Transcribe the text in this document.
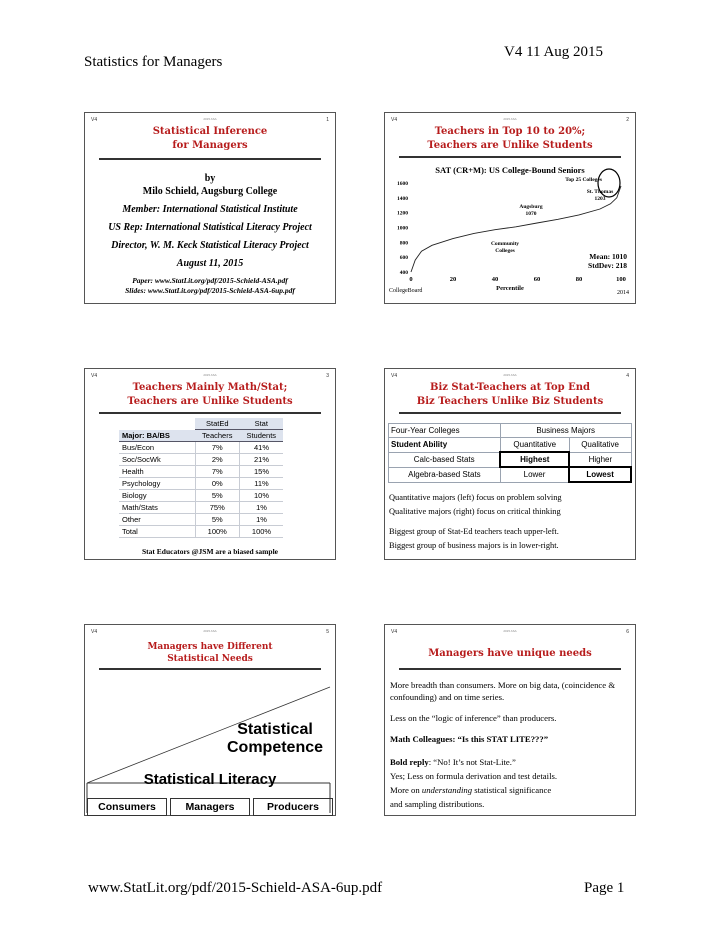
Statistics for Managers
V4 11 Aug 2015
V4	2015 ASA	1
Statistical Inference
for Managers
by
Milo Schield, Augsburg College
Member: International Statistical Institute
US Rep: International Statistical Literacy Project
Director, W. M. Keck Statistical Literacy Project
August 11, 2015
Paper: www.StatLit.org/pdf/2015-Schield-ASA.pdf
Slides: www.StatLit.org/pdf/2015-Schield-ASA-6up.pdf
V4	2015 ASA	2
Teachers in Top 10 to 20%;
Teachers are Unlike Students
SAT (CR+M): US College-Bound Seniors
400
600
800
1000
1200
1400
1600
0	20	40	60	80	100
Top 25 Colleges
St. Thomas
1203
Augsburg
1070
Community
Colleges
Mean: 1010
StdDev: 218
Percentile
CollegeBoard	2014
V4	2015 ASA	3
Teachers Mainly Math/Stat;
Teachers are Unlike Students
	StatEd	Stat
Major: BA/BS	Teachers	Students
Bus/Econ	7%	41%
Soc/SocWk	2%	21%
Health	7%	15%
Psychology	0%	11%
Biology	5%	10%
Math/Stats	75%	1%
Other	5%	1%
Total	100%	100%
Stat Educators @JSM are a biased sample
V4	2015 ASA	4
Biz Stat-Teachers at Top End
Biz Teachers Unlike Biz Students
Four-Year Colleges	Business Majors	
Student Ability	Quantitative	Qualitative
Calc-based Stats	Highest	Higher
Algebra-based Stats	Lower	Lowest
Quantitative majors (left) focus on problem solving
Qualitative majors (right) focus on critical thinking
Biggest group of Stat-Ed teachers teach upper-left.
Biggest group of business majors is in lower-right.
V4	2015 ASA	5
Managers have Different
Statistical Needs
Statistical
Competence
Statistical Literacy
Consumers	Managers	Producers
V4	2015 ASA	6
Managers have unique needs
More breadth than consumers. More on big data, (coincidence & confounding) and on time series.
Less on the “logic of inference” than producers.
Math Colleagues: “Is this STAT LITE???”
Bold reply: “No! It’s not Stat-Lite.”
Yes; Less on formula derivation and test details.
More on understanding statistical significance
and sampling distributions.
www.StatLit.org/pdf/2015-Schield-ASA-6up.pdf	Page 1
